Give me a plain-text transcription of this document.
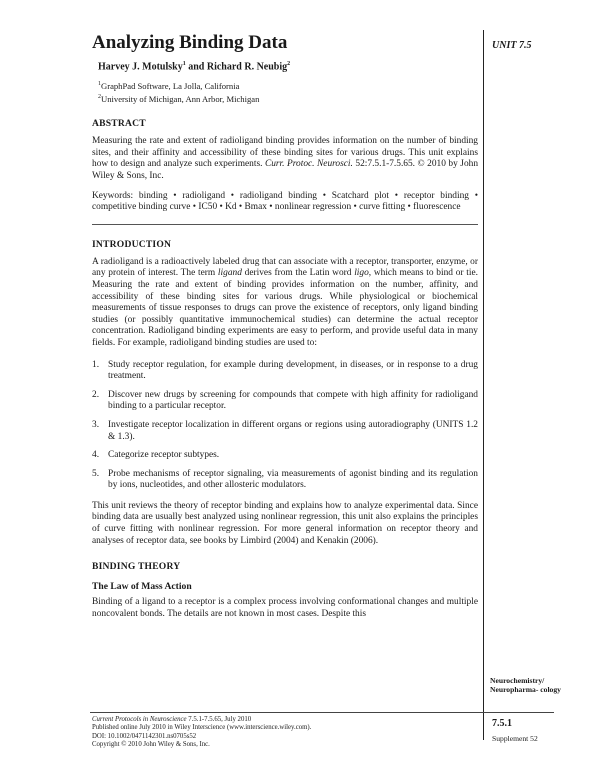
UNIT 7.5
Neurochemistry/ Neuropharma- cology
7.5.1
Supplement 52
Analyzing Binding Data
Harvey J. Motulsky$^1$ and Richard R. Neubig$^2$
$^1$GraphPad Software, La Jolla, California
$^2$University of Michigan, Ann Arbor, Michigan
ABSTRACT

Measuring the rate and extent of radioligand binding provides information on the number of binding sites, and their affinity and accessibility of these binding sites for various drugs. This unit explains how to design and analyze such experiments. Curr. Protoc. Neurosci. 52:7.5.1-7.5.65. © 2010 by John Wiley & Sons, Inc.

Keywords: binding • radioligand • radioligand binding • Scatchard plot • receptor binding • competitive binding curve • IC50 • Kd • Bmax • nonlinear regression • curve fitting • fluorescence

INTRODUCTION

A radioligand is a radioactively labeled drug that can associate with a receptor, transporter, enzyme, or any protein of interest. The term ligand derives from the Latin word ligo, which means to bind or tie. Measuring the rate and extent of binding provides information on the number, affinity, and accessibility of these binding sites for various drugs. While physiological or biochemical measurements of tissue responses to drugs can prove the existence of receptors, only ligand binding studies (or possibly quantitative immunochemical studies) can determine the actual receptor concentration. Radioligand binding experiments are easy to perform, and provide useful data in many fields. For example, radioligand binding studies are used to:

1. Study receptor regulation, for example during development, in diseases, or in response to a drug treatment.
2. Discover new drugs by screening for compounds that compete with high affinity for radioligand binding to a particular receptor.
3. Investigate receptor localization in different organs or regions using autoradiography (UNITS 1.2 & 1.3).
4. Categorize receptor subtypes.
5. Probe mechanisms of receptor signaling, via measurements of agonist binding and its regulation by ions, nucleotides, and other allosteric modulators.

This unit reviews the theory of receptor binding and explains how to analyze experimental data. Since binding data are usually best analyzed using nonlinear regression, this unit also explains the principles of curve fitting with nonlinear regression. For more general information on receptor theory and analyses of receptor data, see books by Limbird (2004) and Kenakin (2006).

BINDING THEORY
The Law of Mass Action

Binding of a ligand to a receptor is a complex process involving conformational changes and multiple noncovalent bonds. The details are not known in most cases. Despite this

Current Protocols in Neuroscience 7.5.1-7.5.65, July 2010
Published online July 2010 in Wiley Interscience (www.interscience.wiley.com).
DOI: 10.1002/0471142301.ns0705s52
Copyright © 2010 John Wiley & Sons, Inc.
